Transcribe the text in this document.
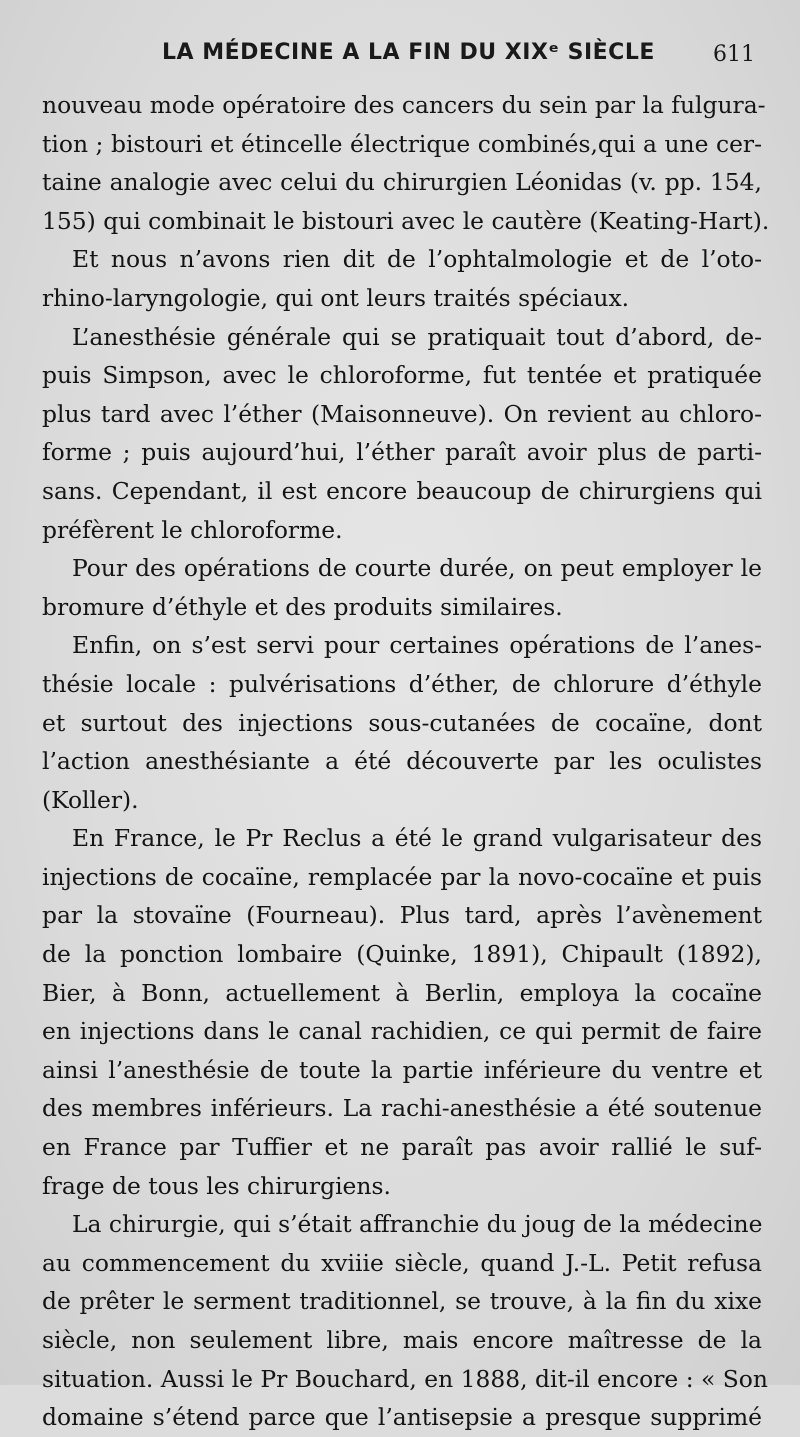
LA MÉDECINE A LA FIN DU XIXᵉ SIÈCLE	611
nouveau mode opératoire des cancers du sein par la fulgura-
tion ; bistouri et étincelle électrique combinés,qui a une cer-
taine analogie avec celui du chirurgien Léonidas (v. pp. 154,
155) qui combinait le bistouri avec le cautère (Keating-Hart).
Et nous n’avons rien dit de l’ophtalmologie et de l’oto-
rhino-laryngologie, qui ont leurs traités spéciaux.
L’anesthésie générale qui se pratiquait tout d’abord, de-
puis Simpson, avec le chloroforme, fut tentée et pratiquée
plus tard avec l’éther (Maisonneuve). On revient au chloro-
forme ; puis aujourd’hui, l’éther paraît avoir plus de parti-
sans. Cependant, il est encore beaucoup de chirurgiens qui
préfèrent le chloroforme.
Pour des opérations de courte durée, on peut employer le
bromure d’éthyle et des produits similaires.
Enfin, on s’est servi pour certaines opérations de l’anes-
thésie locale : pulvérisations d’éther, de chlorure d’éthyle
et surtout des injections sous-cutanées de cocaïne, dont
l’action anesthésiante a été découverte par les oculistes
(Koller).
En France, le Pr Reclus a été le grand vulgarisateur des
injections de cocaïne, remplacée par la novo-cocaïne et puis
par la stovaïne (Fourneau). Plus tard, après l’avènement
de la ponction lombaire (Quinke, 1891), Chipault (1892),
Bier, à Bonn, actuellement à Berlin, employa la cocaïne
en injections dans le canal rachidien, ce qui permit de faire
ainsi l’anesthésie de toute la partie inférieure du ventre et
des membres inférieurs. La rachi-anesthésie a été soutenue
en France par Tuffier et ne paraît pas avoir rallié le suf-
frage de tous les chirurgiens.
La chirurgie, qui s’était affranchie du joug de la médecine
au commencement du xviiie siècle, quand J.-L. Petit refusa
de prêter le serment traditionnel, se trouve, à la fin du xixe
siècle, non seulement libre, mais encore maîtresse de la
situation. Aussi le Pr Bouchard, en 1888, dit-il encore : « Son
domaine s’étend parce que l’antisepsie a presque supprimé
